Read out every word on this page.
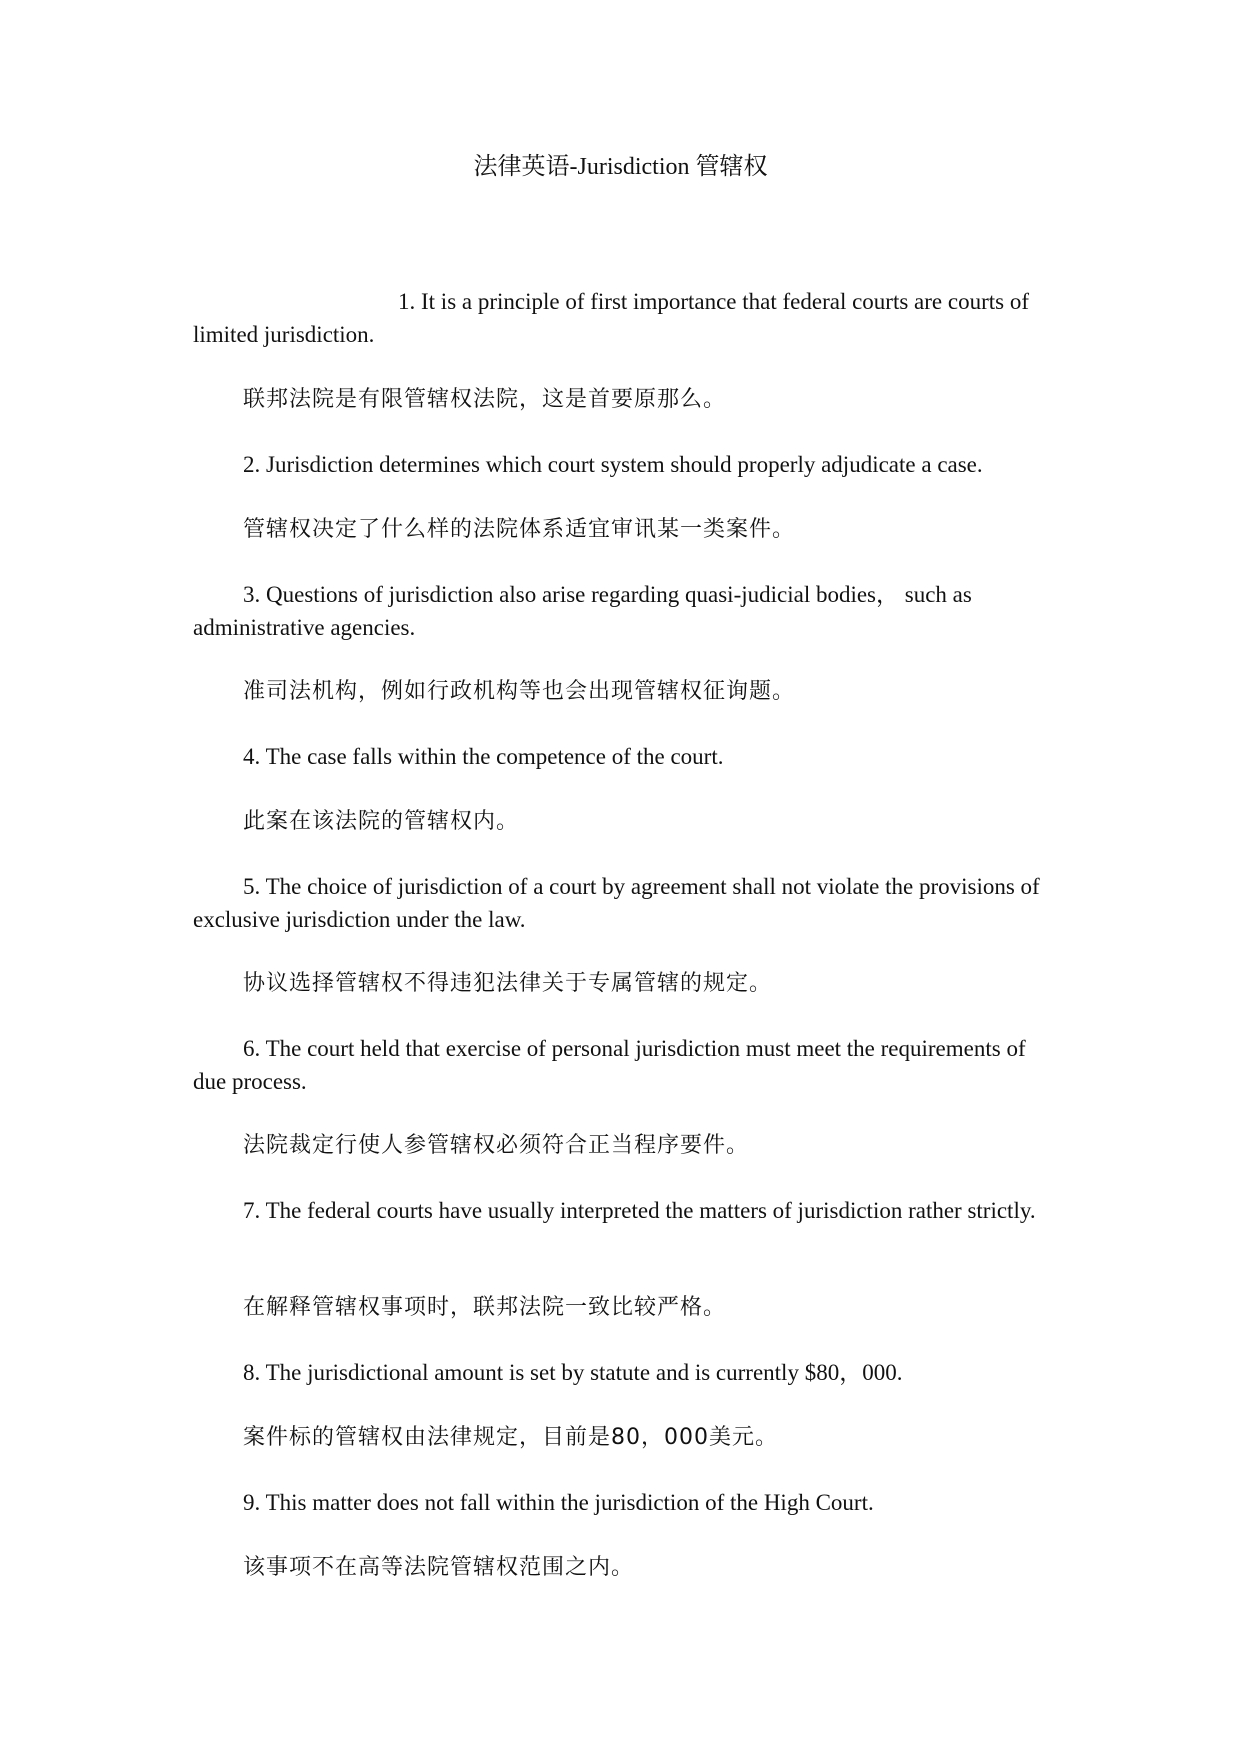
法律英语-Jurisdiction 管辖权

1. It is a principle of first importance that federal courts are courts of limited jurisdiction.

联邦法院是有限管辖权法院，这是首要原那么。

2. Jurisdiction determines which court system should properly adjudicate a case.

管辖权决定了什么样的法院体系适宜审讯某一类案件。

3. Questions of jurisdiction also arise regarding quasi-judicial bodies， such as administrative agencies.

准司法机构，例如行政机构等也会出现管辖权征询题。

4. The case falls within the competence of the court.

此案在该法院的管辖权内。

5. The choice of jurisdiction of a court by agreement shall not violate the provisions of exclusive jurisdiction under the law.

协议选择管辖权不得违犯法律关于专属管辖的规定。

6. The court held that exercise of personal jurisdiction must meet the requirements of due process.

法院裁定行使人参管辖权必须符合正当程序要件。

7. The federal courts have usually interpreted the matters of jurisdiction rather strictly.

在解释管辖权事项时，联邦法院一致比较严格。

8. The jurisdictional amount is set by statute and is currently $80，000.

案件标的管辖权由法律规定，目前是80，000美元。

9. This matter does not fall within the jurisdiction of the High Court.

该事项不在高等法院管辖权范围之内。
